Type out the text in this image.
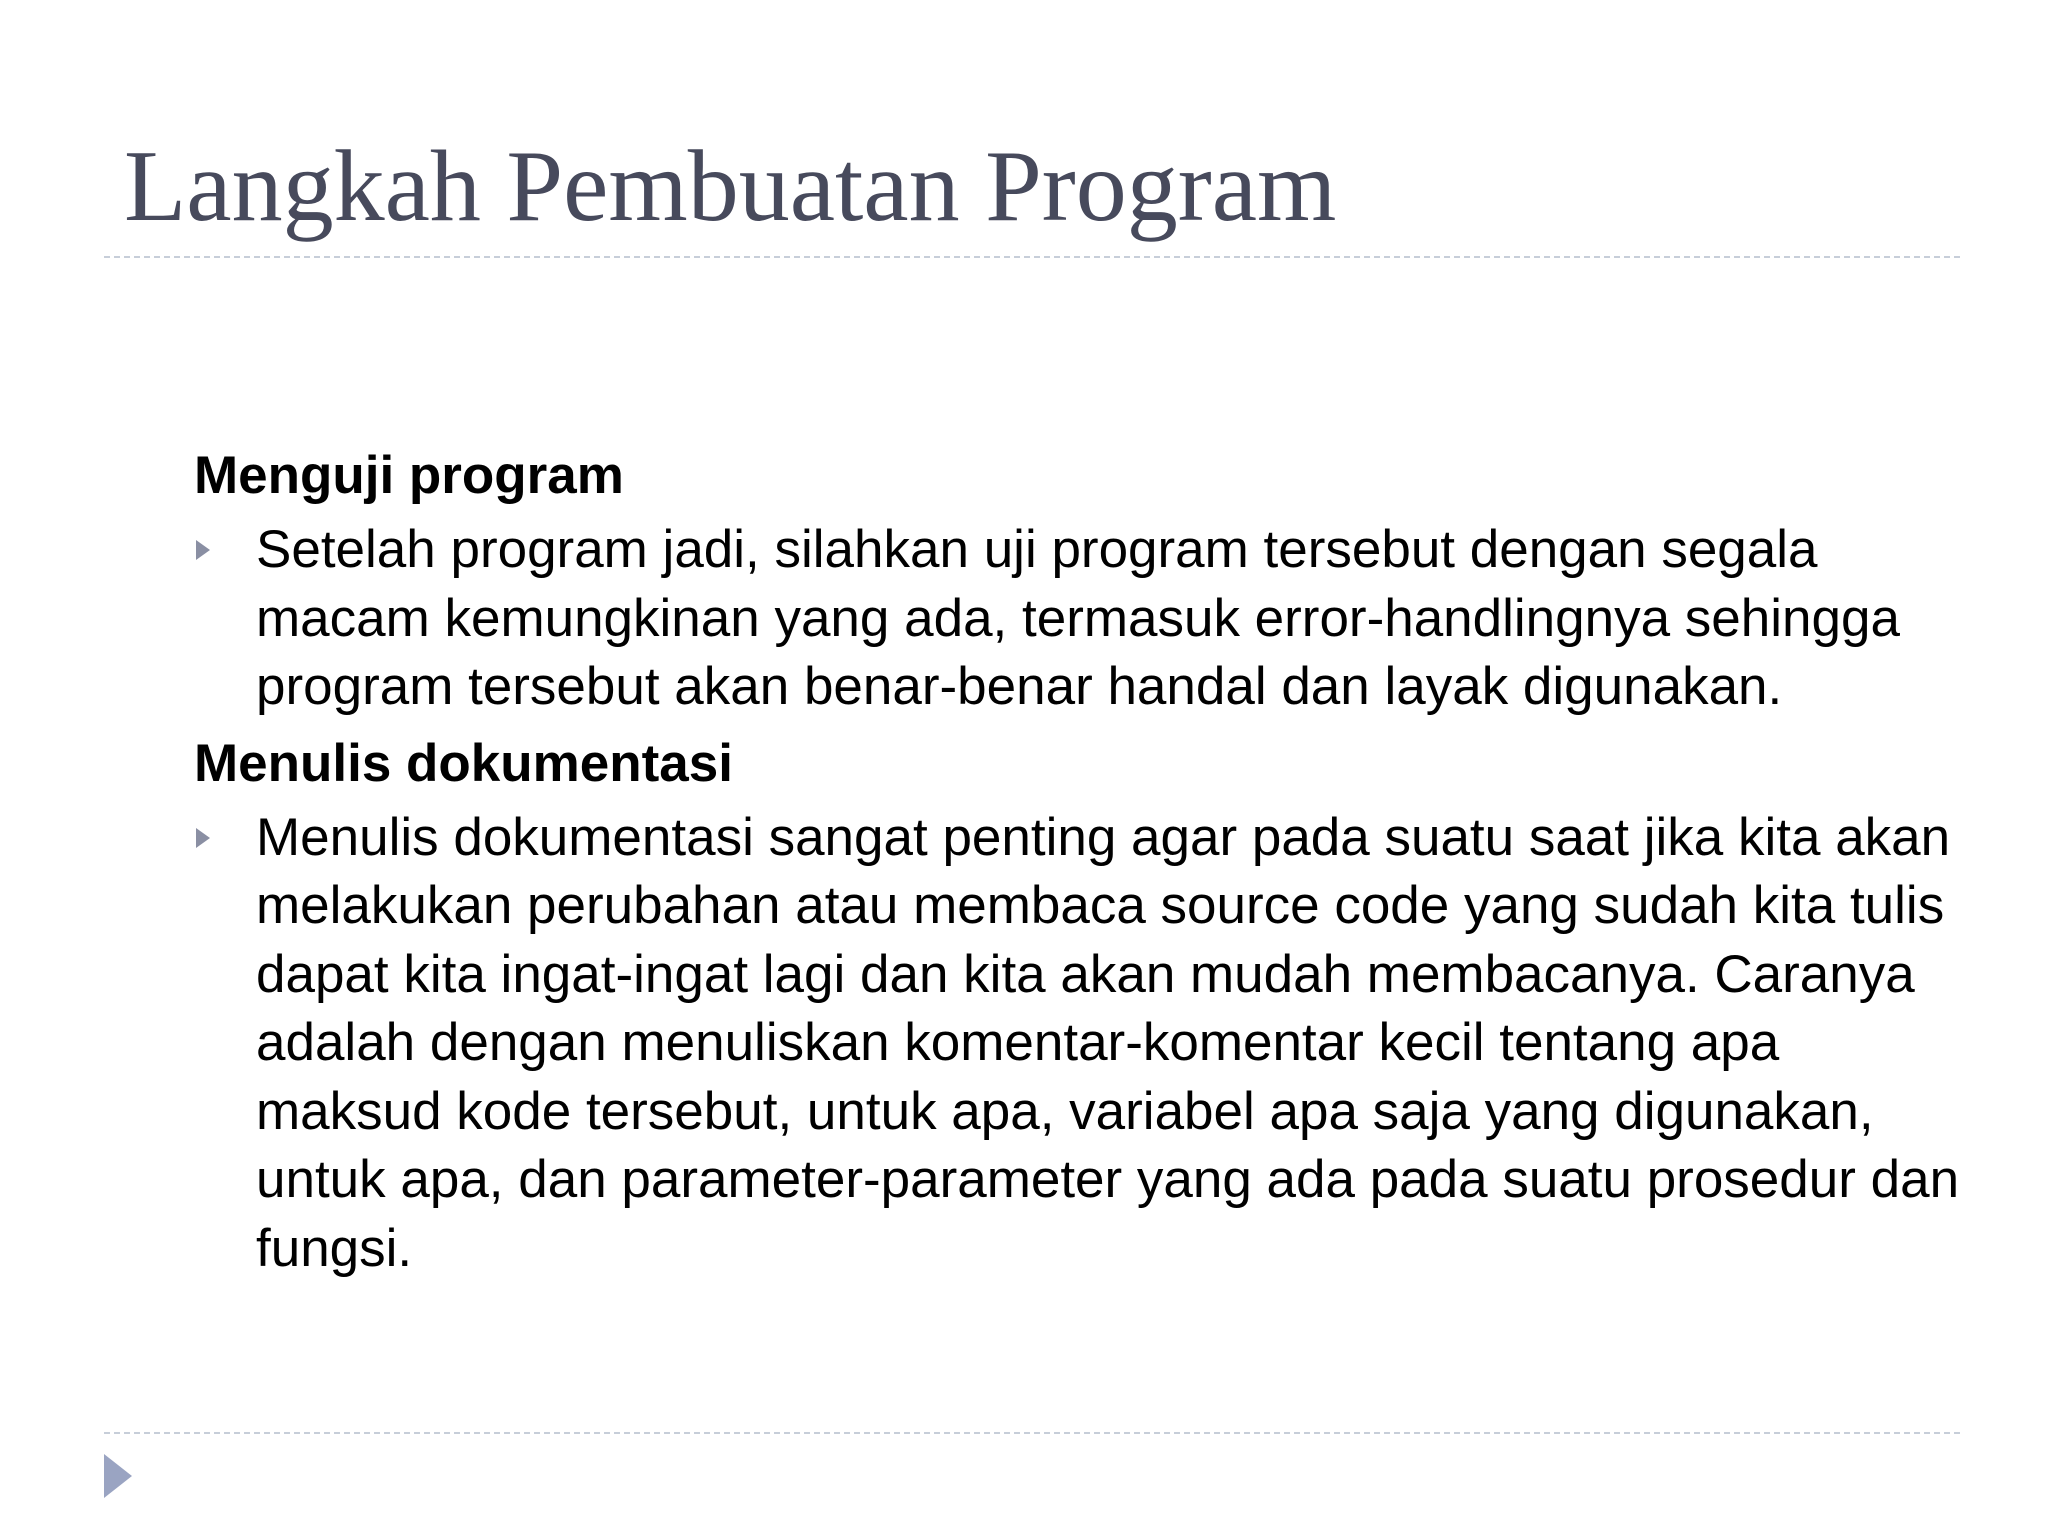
Langkah Pembuatan Program
Menguji program
Setelah program jadi, silahkan uji program tersebut dengan segala macam kemungkinan yang ada, termasuk error-handlingnya sehingga program tersebut akan benar-benar handal dan layak digunakan.
Menulis dokumentasi
Menulis dokumentasi sangat penting agar pada suatu saat jika kita akan melakukan perubahan atau membaca source code yang sudah kita tulis dapat kita ingat-ingat lagi dan kita akan mudah membacanya. Caranya adalah dengan menuliskan komentar-komentar kecil tentang apa maksud kode tersebut, untuk apa, variabel apa saja yang digunakan, untuk apa, dan parameter-parameter yang ada pada suatu prosedur dan fungsi.
